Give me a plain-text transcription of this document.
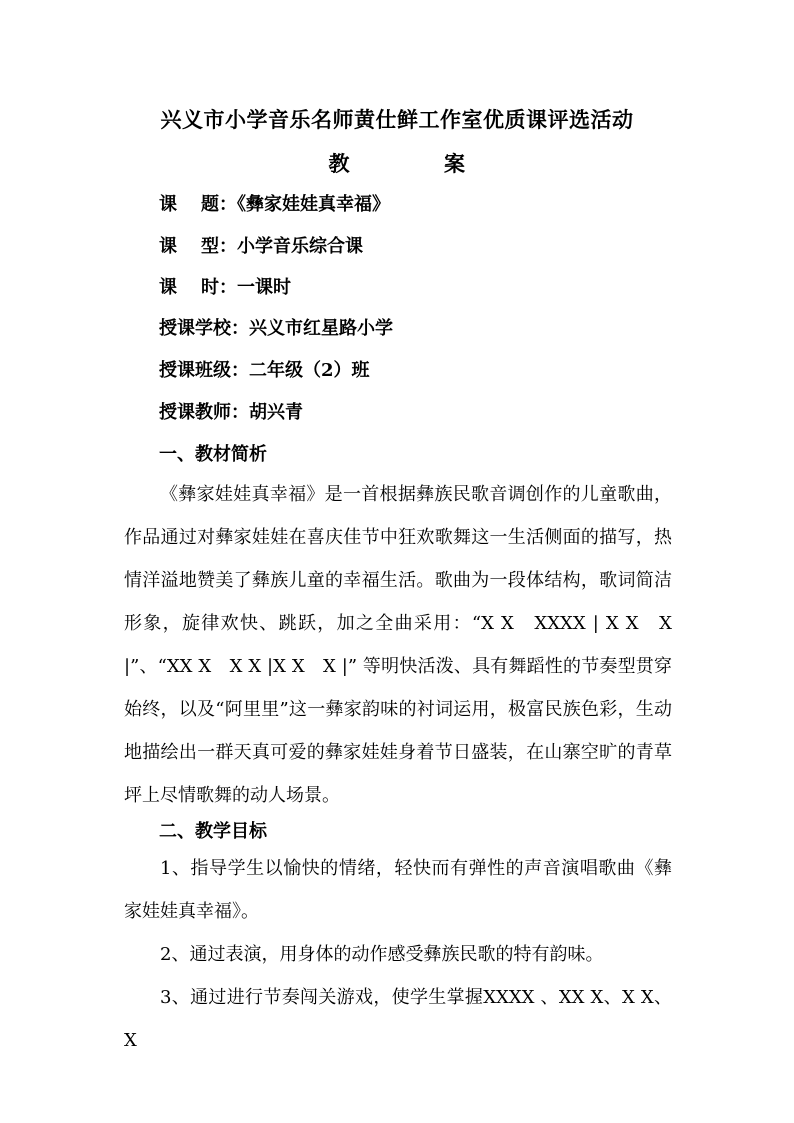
兴义市小学音乐名师黄仕鲜工作室优质课评选活动
教	案
课 题：《彝家娃娃真幸福》
课 型：小学音乐综合课
课 时：一课时
授课学校：兴义市红星路小学
授课班级：二年级（2）班
授课教师：胡兴青
一、教材简析
《彝家娃娃真幸福》是一首根据彝族民歌音调创作的儿童歌曲，作品通过对彝家娃娃在喜庆佳节中狂欢歌舞这一生活侧面的描写，热情洋溢地赞美了彝族儿童的幸福生活。歌曲为一段体结构，歌词简洁形象，旋律欢快、跳跃，加之全曲采用：“X X　XXXX | X X　X |”、“XX X　X X |X X　X |” 等明快活泼、具有舞蹈性的节奏型贯穿始终，以及“阿里里”这一彝家韵味的衬词运用，极富民族色彩，生动地描绘出一群天真可爱的彝家娃娃身着节日盛装，在山寨空旷的青草坪上尽情歌舞的动人场景。
二、教学目标
1、指导学生以愉快的情绪，轻快而有弹性的声音演唱歌曲《彝家娃娃真幸福》。
2、通过表演，用身体的动作感受彝族民歌的特有韵味。
3、通过进行节奏闯关游戏，使学生掌握XXXX 、XX X、X X、X
